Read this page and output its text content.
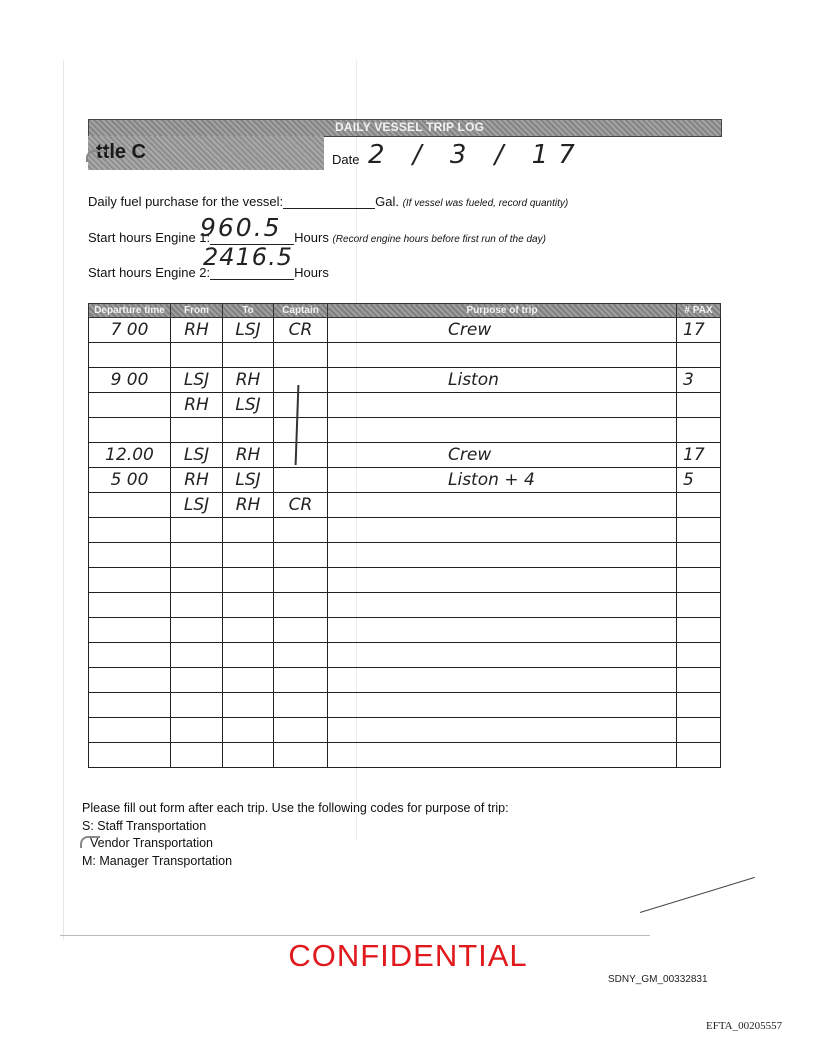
DAILY VESSEL TRIP LOG
ttle C	Date 2 / 3 / 17
Daily fuel purchase for the vessel:	Gal. (If vessel was fueled, record quantity)
Start hours Engine 1:	Hours (Record engine hours before first run of the day)
960.5
Start hours Engine 2:	Hours
2416.5
Departure time	From	To	Captain	Purpose of trip	# PAX
7 00	RH	LSJ	CR	Crew	17

9 00	LSJ	RH		Liston	3
	RH	LSJ			

12.00	LSJ	RH		Crew	17
5 00	RH	LSJ		Liston + 4	5
	LSJ	RH	CR		

Please fill out form after each trip. Use the following codes for purpose of trip:
S: Staff Transportation
Vendor Transportation
M: Manager Transportation
CONFIDENTIAL
SDNY_GM_00332831
EFTA_00205557
